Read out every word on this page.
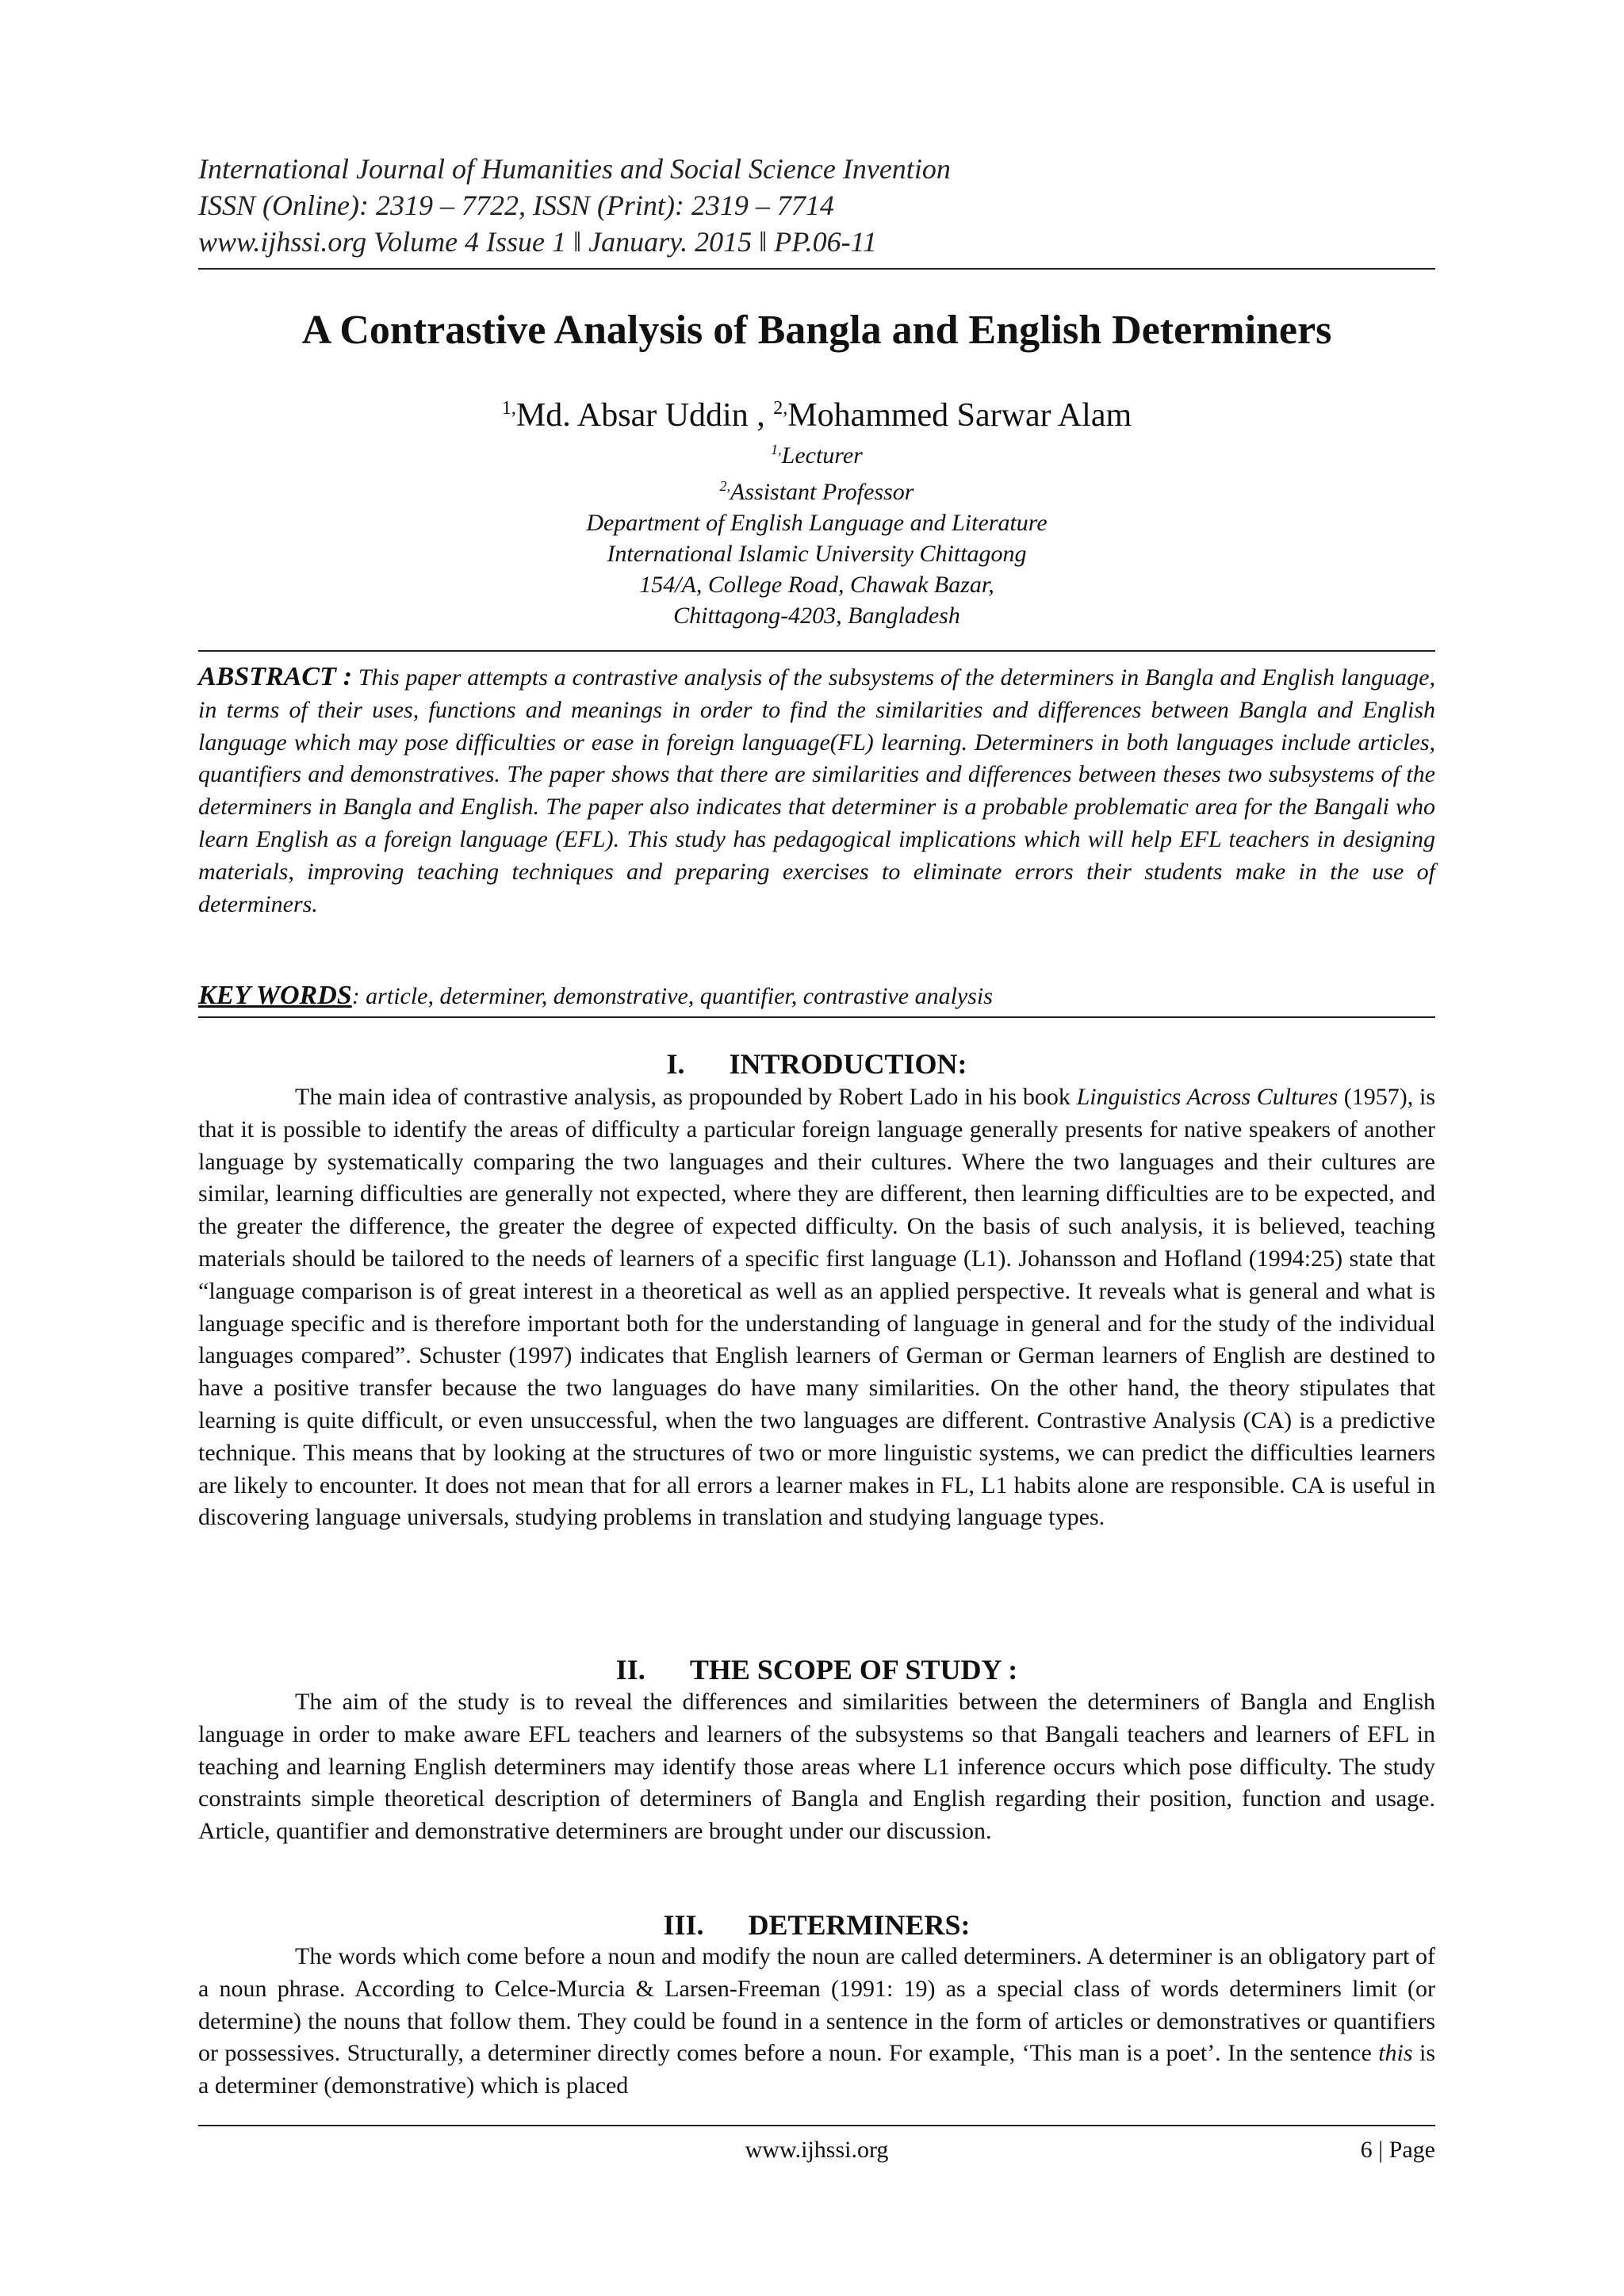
International Journal of Humanities and Social Science Invention
ISSN (Online): 2319 – 7722, ISSN (Print): 2319 – 7714
www.ijhssi.org Volume 4 Issue 1 ǁ January. 2015 ǁ PP.06-11
A Contrastive Analysis of Bangla and English Determiners
$^{1,}$Md. Absar Uddin , $^{2,}$Mohammed Sarwar Alam
$^{1,}$Lecturer
$^{2,}$Assistant Professor
Department of English Language and Literature
International Islamic University Chittagong
154/A, College Road, Chawak Bazar,
Chittagong-4203, Bangladesh
ABSTRACT : This paper attempts a contrastive analysis of the subsystems of the determiners in Bangla and English language, in terms of their uses, functions and meanings in order to find the similarities and differences between Bangla and English language which may pose difficulties or ease in foreign language(FL) learning. Determiners in both languages include articles, quantifiers and demonstratives. The paper shows that there are similarities and differences between theses two subsystems of the determiners in Bangla and English. The paper also indicates that determiner is a probable problematic area for the Bangali who learn English as a foreign language (EFL). This study has pedagogical implications which will help EFL teachers in designing materials, improving teaching techniques and preparing exercises to eliminate errors their students make in the use of determiners.
KEY WORDS: article, determiner, demonstrative, quantifier, contrastive analysis
I. INTRODUCTION:
The main idea of contrastive analysis, as propounded by Robert Lado in his book Linguistics Across Cultures (1957), is that it is possible to identify the areas of difficulty a particular foreign language generally presents for native speakers of another language by systematically comparing the two languages and their cultures. Where the two languages and their cultures are similar, learning difficulties are generally not expected, where they are different, then learning difficulties are to be expected, and the greater the difference, the greater the degree of expected difficulty. On the basis of such analysis, it is believed, teaching materials should be tailored to the needs of learners of a specific first language (L1). Johansson and Hofland (1994:25) state that “language comparison is of great interest in a theoretical as well as an applied perspective. It reveals what is general and what is language specific and is therefore important both for the understanding of language in general and for the study of the individual languages compared”. Schuster (1997) indicates that English learners of German or German learners of English are destined to have a positive transfer because the two languages do have many similarities. On the other hand, the theory stipulates that learning is quite difficult, or even unsuccessful, when the two languages are different. Contrastive Analysis (CA) is a predictive technique. This means that by looking at the structures of two or more linguistic systems, we can predict the difficulties learners are likely to encounter. It does not mean that for all errors a learner makes in FL, L1 habits alone are responsible. CA is useful in discovering language universals, studying problems in translation and studying language types.
II. THE SCOPE OF STUDY :
The aim of the study is to reveal the differences and similarities between the determiners of Bangla and English language in order to make aware EFL teachers and learners of the subsystems so that Bangali teachers and learners of EFL in teaching and learning English determiners may identify those areas where L1 inference occurs which pose difficulty. The study constraints simple theoretical description of determiners of Bangla and English regarding their position, function and usage. Article, quantifier and demonstrative determiners are brought under our discussion.
III. DETERMINERS:
The words which come before a noun and modify the noun are called determiners. A determiner is an obligatory part of a noun phrase. According to Celce-Murcia & Larsen-Freeman (1991: 19) as a special class of words determiners limit (or determine) the nouns that follow them. They could be found in a sentence in the form of articles or demonstratives or quantifiers or possessives. Structurally, a determiner directly comes before a noun. For example, ‘This man is a poet’. In the sentence this is a determiner (demonstrative) which is placed
www.ijhssi.org	6 | Page
